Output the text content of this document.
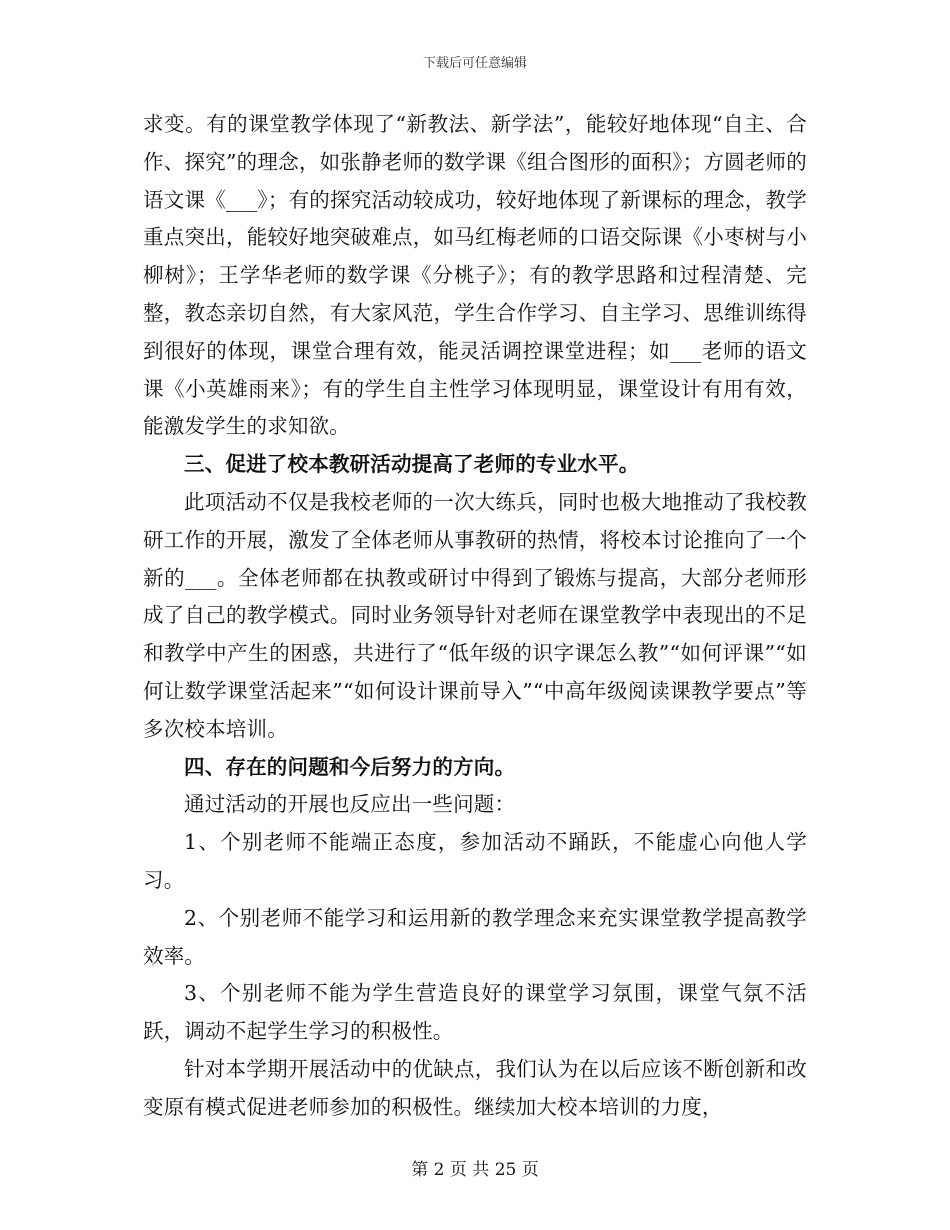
下载后可任意编辑

求变。有的课堂教学体现了“新教法、新学法”，能较好地体现“自主、合作、探究”的理念，如张静老师的数学课《组合图形的面积》；方圆老师的语文课《___》；有的探究活动较成功，较好地体现了新课标的理念，教学重点突出，能较好地突破难点，如马红梅老师的口语交际课《小枣树与小柳树》；王学华老师的数学课《分桃子》；有的教学思路和过程清楚、完整，教态亲切自然，有大家风范，学生合作学习、自主学习、思维训练得到很好的体现，课堂合理有效，能灵活调控课堂进程；如___老师的语文课《小英雄雨来》；有的学生自主性学习体现明显，课堂设计有用有效，能激发学生的求知欲。

三、促进了校本教研活动提高了老师的专业水平。

此项活动不仅是我校老师的一次大练兵，同时也极大地推动了我校教研工作的开展，激发了全体老师从事教研的热情，将校本讨论推向了一个新的___。全体老师都在执教或研讨中得到了锻炼与提高，大部分老师形成了自己的教学模式。同时业务领导针对老师在课堂教学中表现出的不足和教学中产生的困惑，共进行了“低年级的识字课怎么教”“如何评课”“如何让数学课堂活起来”“如何设计课前导入”“中高年级阅读课教学要点”等多次校本培训。

四、存在的问题和今后努力的方向。

通过活动的开展也反应出一些问题：

1、个别老师不能端正态度，参加活动不踊跃，不能虚心向他人学习。

2、个别老师不能学习和运用新的教学理念来充实课堂教学提高教学效率。

3、个别老师不能为学生营造良好的课堂学习氛围，课堂气氛不活跃，调动不起学生学习的积极性。

针对本学期开展活动中的优缺点，我们认为在以后应该不断创新和改变原有模式促进老师参加的积极性。继续加大校本培训的力度，

第 2 页 共 25 页
